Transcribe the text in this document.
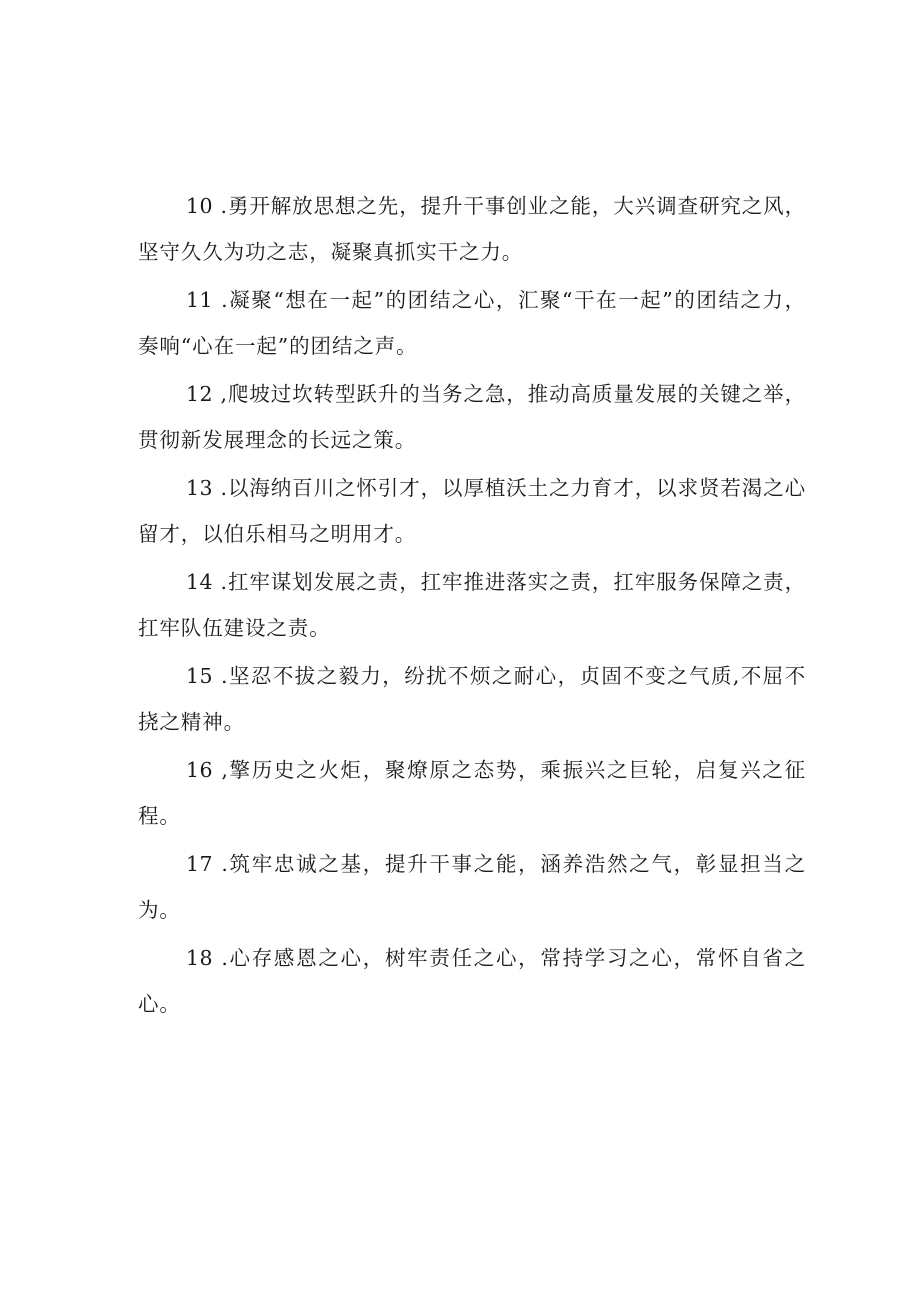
10 .勇开解放思想之先，提升干事创业之能，大兴调查研究之风，坚守久久为功之志，凝聚真抓实干之力。

11 .凝聚“想在一起”的团结之心，汇聚“干在一起”的团结之力，奏响“心在一起”的团结之声。

12 ,爬坡过坎转型跃升的当务之急，推动高质量发展的关键之举，贯彻新发展理念的长远之策。

13 .以海纳百川之怀引才，以厚植沃土之力育才，以求贤若渴之心留才，以伯乐相马之明用才。

14 .扛牢谋划发展之责，扛牢推进落实之责，扛牢服务保障之责，扛牢队伍建设之责。

15 .坚忍不拔之毅力，纷扰不烦之耐心，贞固不变之气质,不屈不挠之精神。

16 ,擎历史之火炬，聚燎原之态势，乘振兴之巨轮，启复兴之征程。

17 .筑牢忠诚之基，提升干事之能，涵养浩然之气，彰显担当之为。

18 .心存感恩之心，树牢责任之心，常持学习之心，常怀自省之心。
